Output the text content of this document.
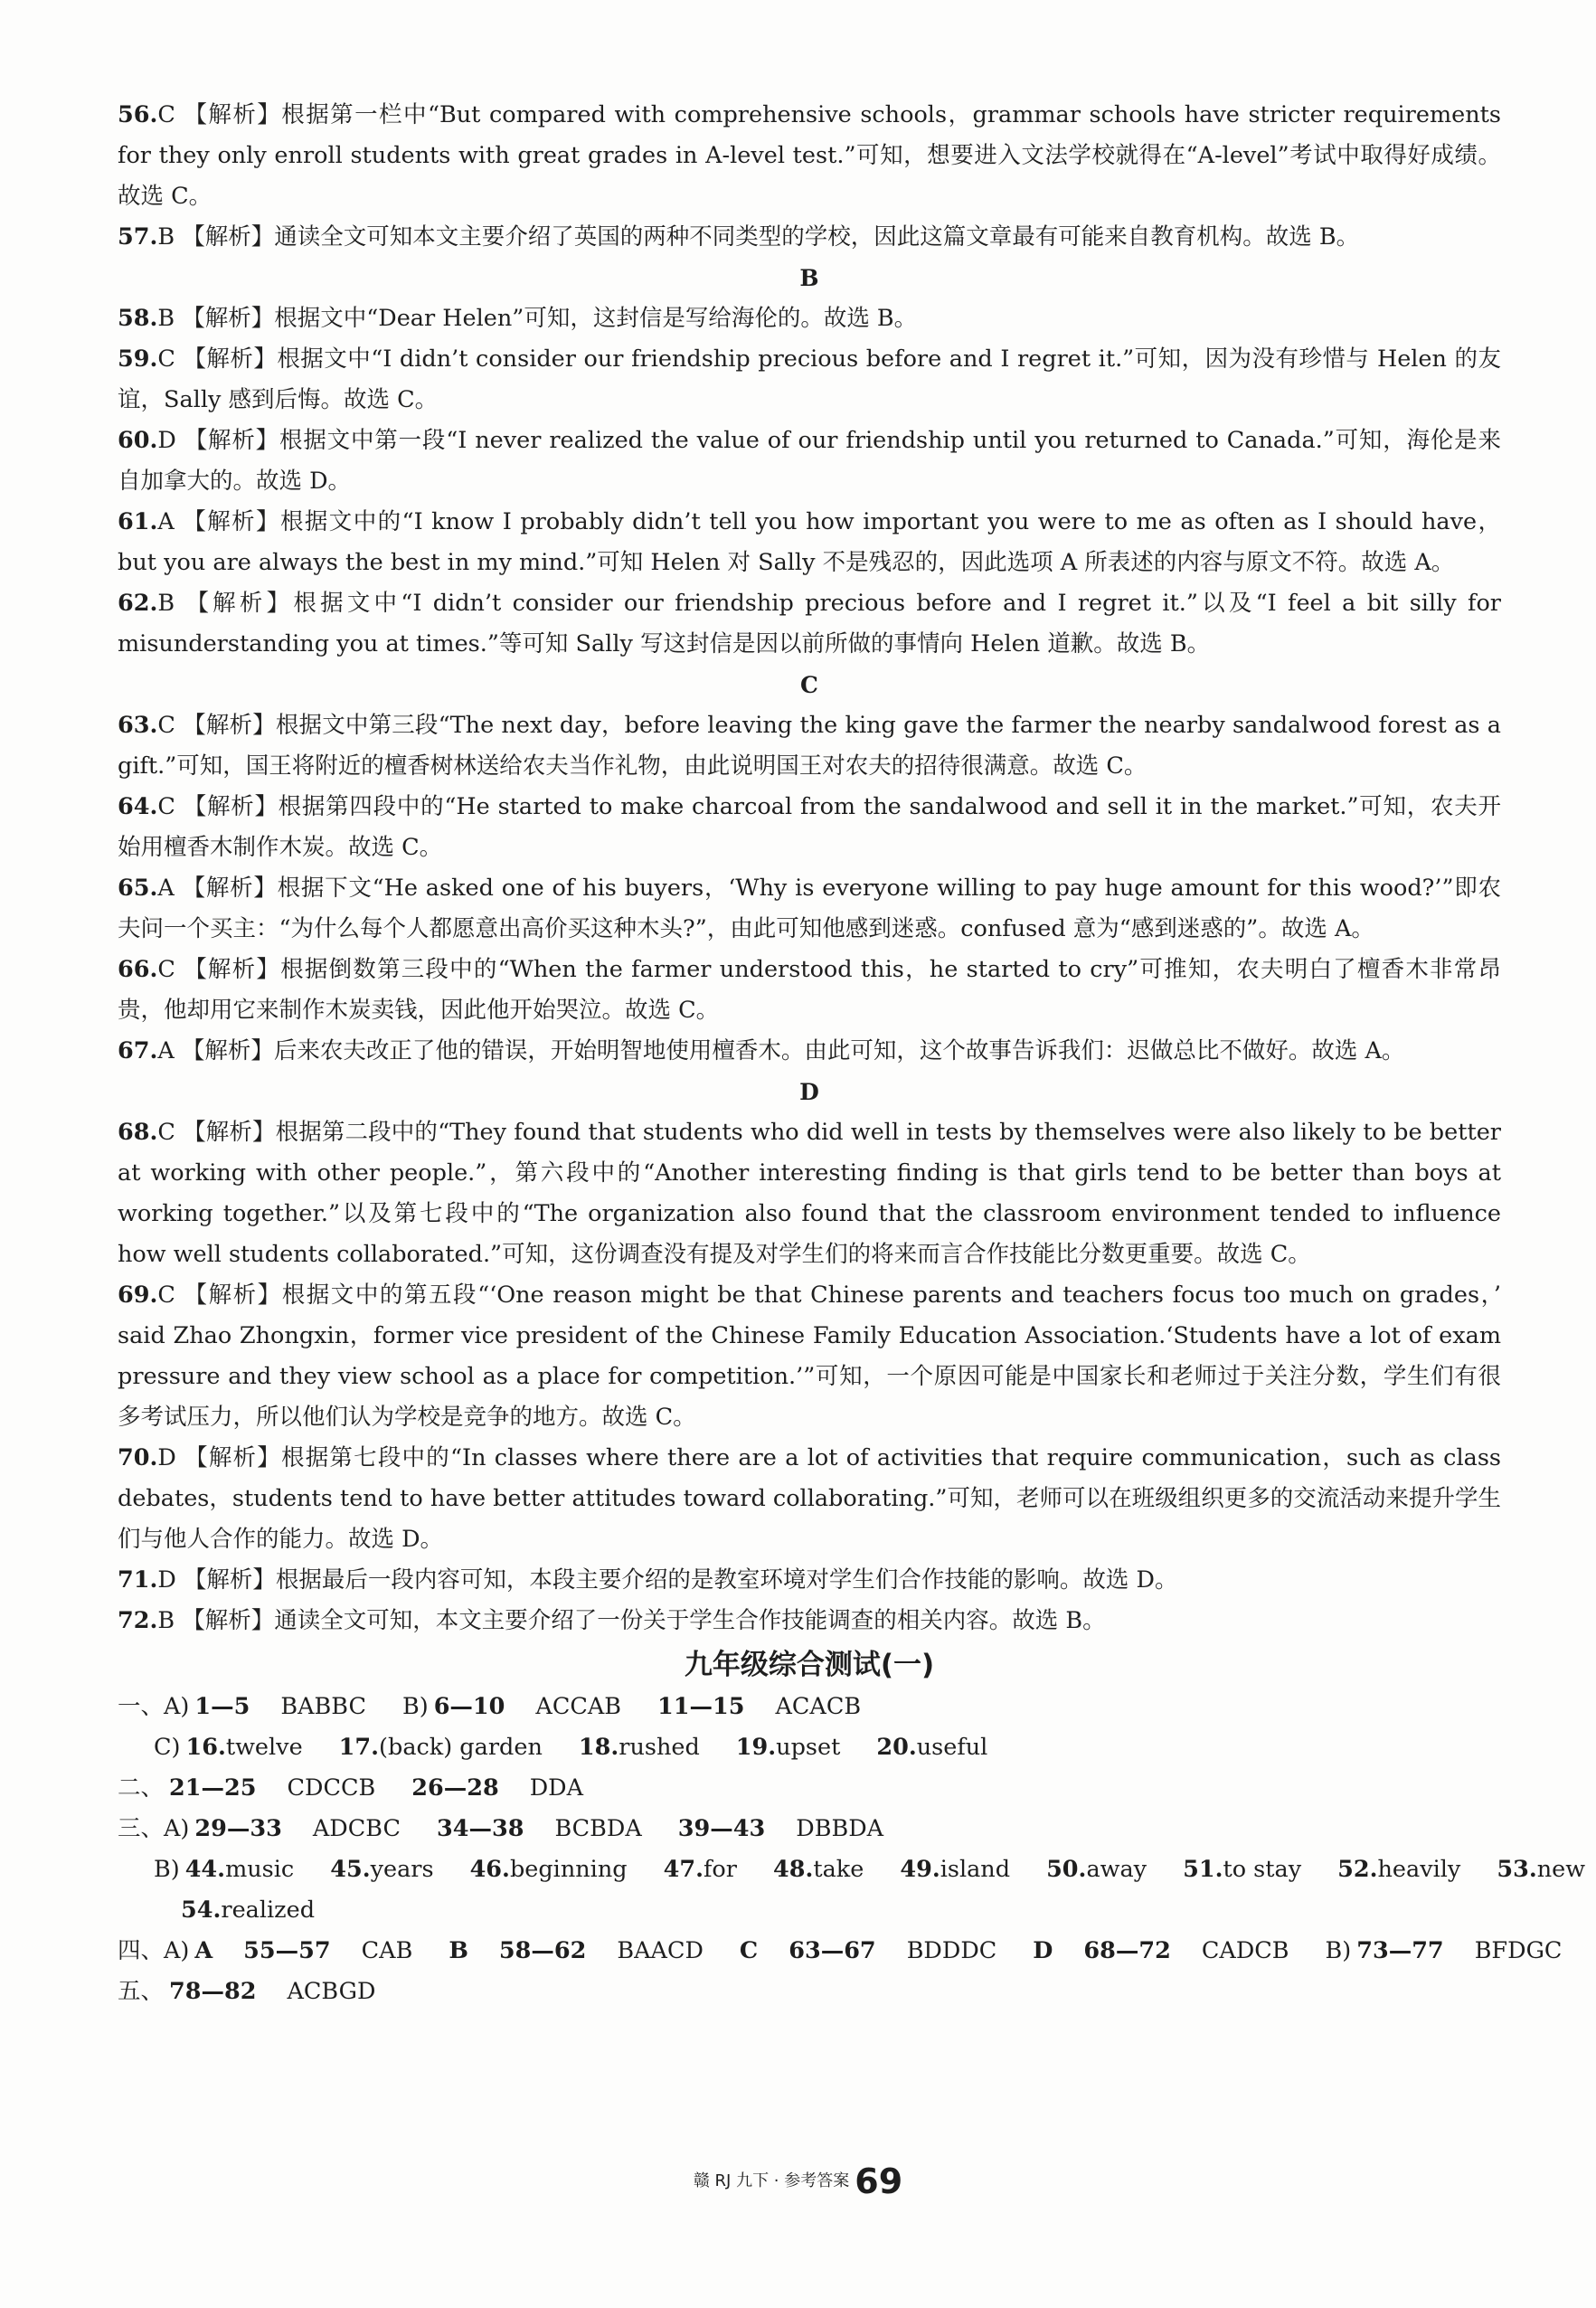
56.C 【解析】根据第一栏中“But compared with comprehensive schools，grammar schools have stricter requirements for they only enroll students with great grades in A-level test.”可知，想要进入文法学校就得在“A-level”考试中取得好成绩。故选 C。
57.B 【解析】通读全文可知本文主要介绍了英国的两种不同类型的学校，因此这篇文章最有可能来自教育机构。故选 B。
B
58.B 【解析】根据文中“Dear Helen”可知，这封信是写给海伦的。故选 B。
59.C 【解析】根据文中“I didn’t consider our friendship precious before and I regret it.”可知，因为没有珍惜与 Helen 的友谊，Sally 感到后悔。故选 C。
60.D 【解析】根据文中第一段“I never realized the value of our friendship until you returned to Canada.”可知，海伦是来自加拿大的。故选 D。
61.A 【解析】根据文中的“I know I probably didn’t tell you how important you were to me as often as I should have，but you are always the best in my mind.”可知 Helen 对 Sally 不是残忍的，因此选项 A 所表述的内容与原文不符。故选 A。
62.B 【解析】根据文中“I didn’t consider our friendship precious before and I regret it.”以及“I feel a bit silly for misunderstanding you at times.”等可知 Sally 写这封信是因以前所做的事情向 Helen 道歉。故选 B。
C
63.C 【解析】根据文中第三段“The next day，before leaving the king gave the farmer the nearby sandalwood forest as a gift.”可知，国王将附近的檀香树林送给农夫当作礼物，由此说明国王对农夫的招待很满意。故选 C。
64.C 【解析】根据第四段中的“He started to make charcoal from the sandalwood and sell it in the market.”可知，农夫开始用檀香木制作木炭。故选 C。
65.A 【解析】根据下文“He asked one of his buyers，‘Why is everyone willing to pay huge amount for this wood?’”即农夫问一个买主：“为什么每个人都愿意出高价买这种木头?”，由此可知他感到迷惑。confused 意为“感到迷惑的”。故选 A。
66.C 【解析】根据倒数第三段中的“When the farmer understood this，he started to cry”可推知，农夫明白了檀香木非常昂贵，他却用它来制作木炭卖钱，因此他开始哭泣。故选 C。
67.A 【解析】后来农夫改正了他的错误，开始明智地使用檀香木。由此可知，这个故事告诉我们：迟做总比不做好。故选 A。
D
68.C 【解析】根据第二段中的“They found that students who did well in tests by themselves were also likely to be better at working with other people.”，第六段中的“Another interesting finding is that girls tend to be better than boys at working together.”以及第七段中的“The organization also found that the classroom environment tended to influence how well students collaborated.”可知，这份调查没有提及对学生们的将来而言合作技能比分数更重要。故选 C。
69.C 【解析】根据文中的第五段“‘One reason might be that Chinese parents and teachers focus too much on grades，’ said Zhao Zhongxin，former vice president of the Chinese Family Education Association.‘Students have a lot of exam pressure and they view school as a place for competition.’”可知，一个原因可能是中国家长和老师过于关注分数，学生们有很多考试压力，所以他们认为学校是竞争的地方。故选 C。
70.D 【解析】根据第七段中的“In classes where there are a lot of activities that require communication，such as class debates，students tend to have better attitudes toward collaborating.”可知，老师可以在班级组织更多的交流活动来提升学生们与他人合作的能力。故选 D。
71.D 【解析】根据最后一段内容可知，本段主要介绍的是教室环境对学生们合作技能的影响。故选 D。
72.B 【解析】通读全文可知，本文主要介绍了一份关于学生合作技能调查的相关内容。故选 B。
九年级综合测试(一)
一、A) 1—5 BABBC B) 6—10 ACCAB 11—15 ACACB
C) 16.twelve 17.(back) garden 18.rushed 19.upset 20.useful
二、 21—25 CDCCB 26—28 DDA
三、A) 29—33 ADCBC 34—38 BCBDA 39—43 DBBDA
B) 44.music 45.years 46.beginning 47.for 48.take 49.island 50.away 51.to stay 52.heavily 53.new
54.realized
四、A) A 55—57 CAB B 58—62 BAACD C 63—67 BDDDC D 68—72 CADCB B) 73—77 BFDGC
五、 78—82 ACBGD
赣 RJ 九下 · 参考答案 69
